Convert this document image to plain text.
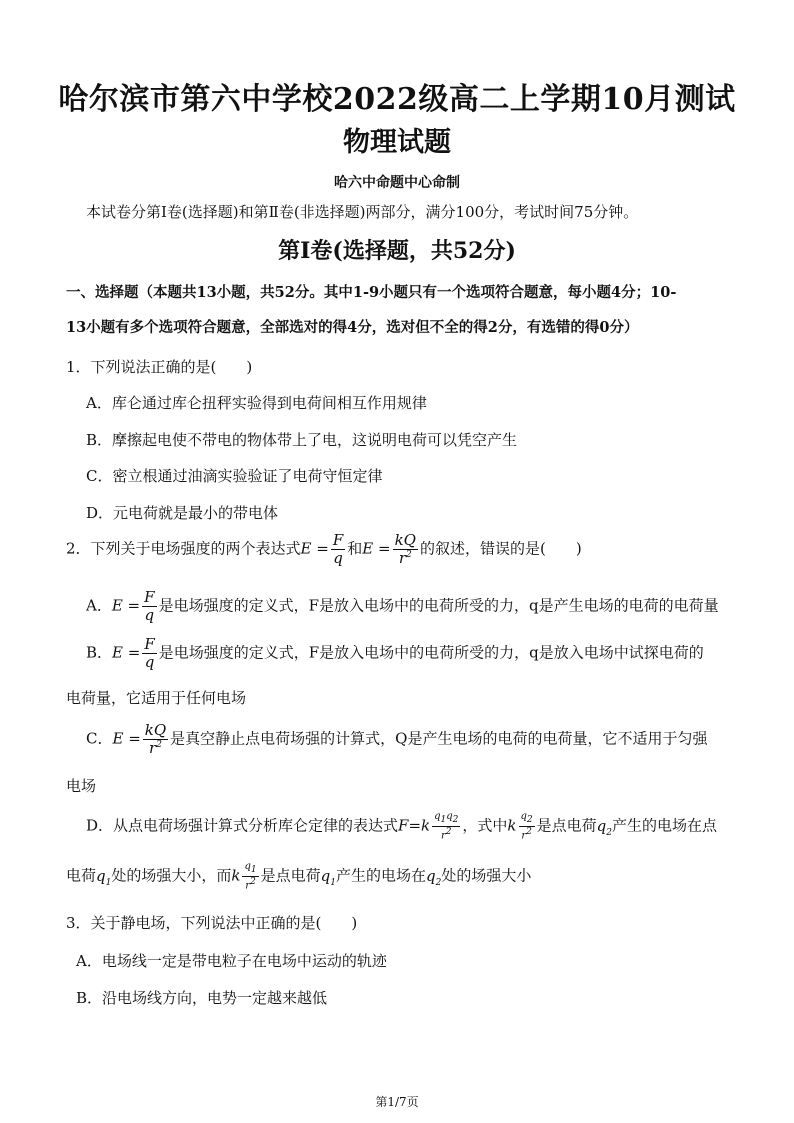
哈尔滨市第六中学校2022级高二上学期10月测试
物理试题
哈六中命题中心命制
本试卷分第Ⅰ卷(选择题)和第Ⅱ卷(非选择题)两部分，满分100分，考试时间75分钟。
第Ⅰ卷(选择题，共52分)
一、选择题（本题共13小题，共52分。其中1-9小题只有一个选项符合题意，每小题4分；10-
13小题有多个选项符合题意，全部选对的得4分，选对但不全的得2分，有选错的得0分）
1．下列说法正确的是(　　)
A．库仑通过库仑扭秤实验得到电荷间相互作用规律
B．摩擦起电使不带电的物体带上了电，这说明电荷可以凭空产生
C．密立根通过油滴实验验证了电荷守恒定律
D．元电荷就是最小的带电体
2．下列关于电场强度的两个表达式$E = \frac{F}{q}$ 和$E = \frac{kQ}{r^2}$ 的叙述，错误的是(　　)
A．$E = \frac{F}{q}$ 是电场强度的定义式，F是放入电场中的电荷所受的力，q是产生电场的电荷的电荷量
B．$E = \frac{F}{q}$ 是电场强度的定义式，F是放入电场中的电荷所受的力，q是放入电场中试探电荷的
电荷量，它适用于任何电场
C．$E = \frac{kQ}{r^2}$ 是真空静止点电荷场强的计算式，Q是产生电场的电荷的电荷量，它不适用于匀强
电场
D．从点电荷场强计算式分析库仑定律的表达式$F=k \frac{q1q2}{r2}$ ，式中k $\frac{q2}{r2}$ 是点电荷$q_2$产生的电场在点
电荷$q_1$处的场强大小，而k $\frac{q1}{r2}$ 是点电荷$q_1$产生的电场在$q_2$处的场强大小
3．关于静电场，下列说法中正确的是(　　)
A．电场线一定是带电粒子在电场中运动的轨迹
B．沿电场线方向，电势一定越来越低
第1/7页
